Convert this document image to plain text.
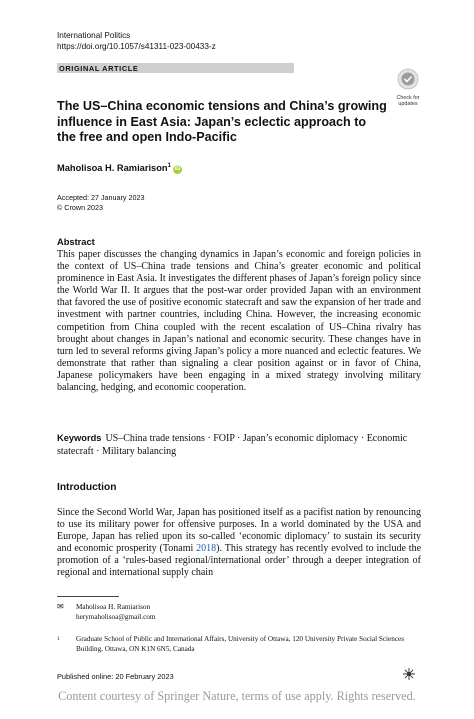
International Politics
https://doi.org/10.1057/s41311-023-00433-z
ORIGINAL ARTICLE
Check for
updates
The US–China economic tensions and China’s growing influence in East Asia: Japan’s eclectic approach to the free and open Indo‑Pacific
Maholisoa H. Ramiarison$^1$iD
Accepted: 27 January 2023
© Crown 2023
Abstract
This paper discusses the changing dynamics in Japan’s economic and foreign policies in the context of US–China trade tensions and China’s greater economic and political prominence in East Asia. It investigates the different phases of Japan’s foreign policy since the World War II. It argues that the post-war order provided Japan with an environment that favored the use of positive economic statecraft and saw the expansion of her trade and investment with partner countries, including China. However, the increasing economic competition from China coupled with the recent escalation of US–China rivalry has brought about changes in Japan’s national and economic security. These changes have in turn led to several reforms giving Japan’s policy a more nuanced and eclectic features. We demonstrate that rather than signaling a clear position against or in favor of China, Japanese policymakers have been engaging in a mixed strategy involving military balancing, hedging, and economic cooperation.
Keywords US–China trade tensions · FOIP · Japan’s economic diplomacy · Economic statecraft · Military balancing
Introduction
Since the Second World War, Japan has positioned itself as a pacifist nation by renouncing to use its military power for offensive purposes. In a world dominated by the USA and Europe, Japan has relied upon its so-called ‘economic diplomacy’ to sustain its security and economic prosperity (Tonami 2018). This strategy has recently evolved to include the promotion of a ‘rules-based regional/international order’ through a deeper integration of regional and international supply chain
✉ Maholisoa H. Ramiarison
herymaholisoa@gmail.com
1 Graduate School of Public and International Affairs, University of Ottawa, 120 University Private Social Sciences Building, Ottawa, ON K1N 6N5, Canada
Published online: 20 February 2023
Content courtesy of Springer Nature, terms of use apply. Rights reserved.
